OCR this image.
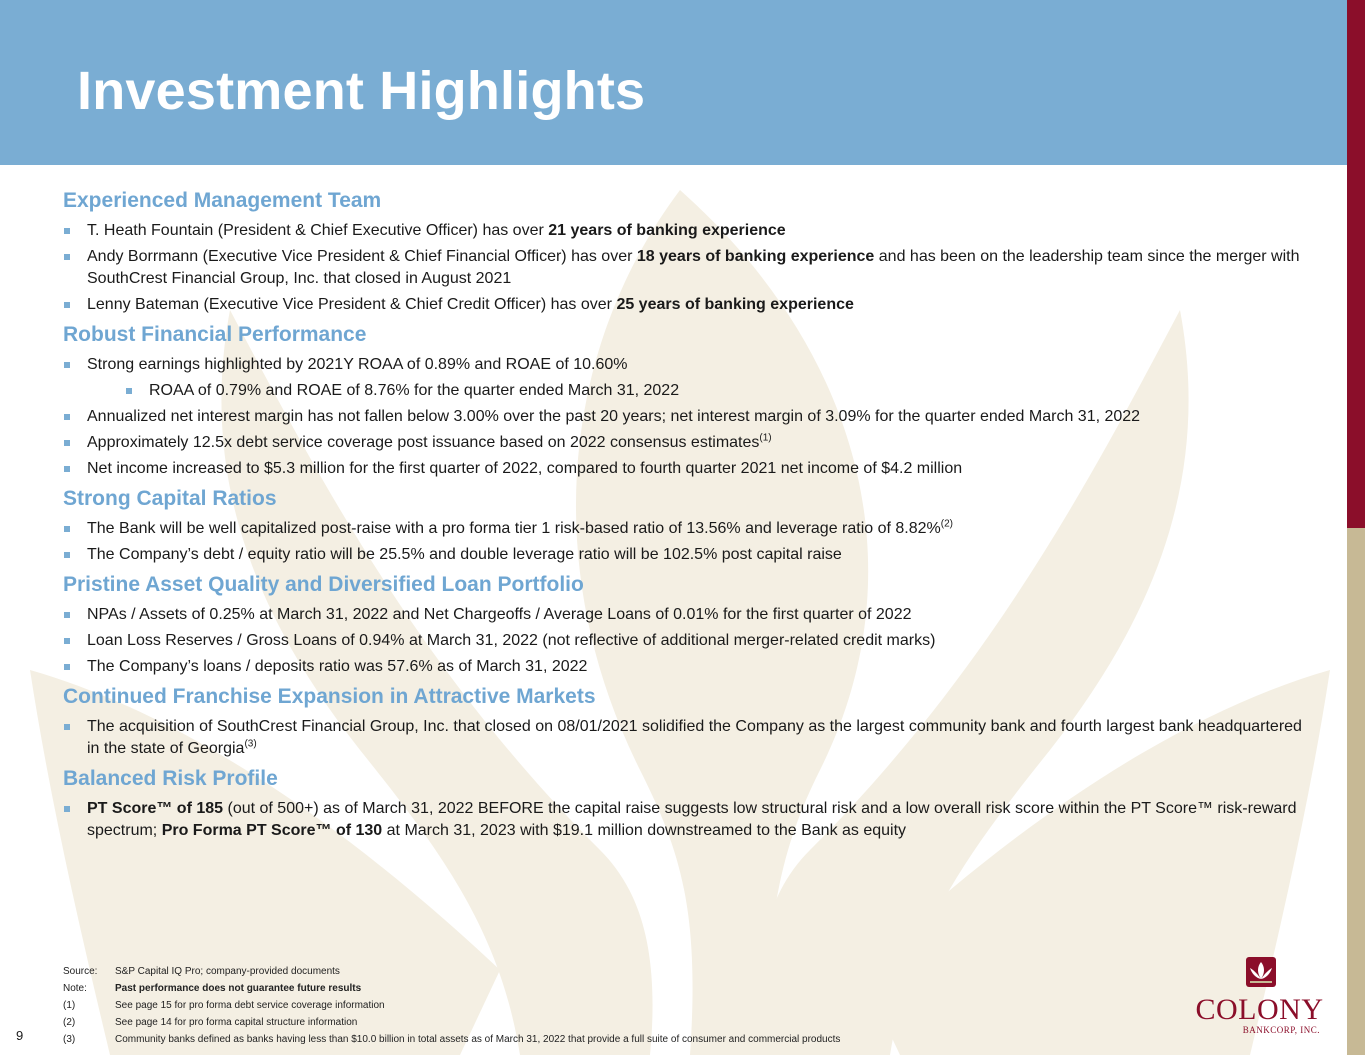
Investment Highlights
Experienced Management Team
T. Heath Fountain (President & Chief Executive Officer) has over 21 years of banking experience
Andy Borrmann (Executive Vice President & Chief Financial Officer) has over 18 years of banking experience and has been on the leadership team since the merger with SouthCrest Financial Group, Inc. that closed in August 2021
Lenny Bateman (Executive Vice President & Chief Credit Officer) has over 25 years of banking experience
Robust Financial Performance
Strong earnings highlighted by 2021Y ROAA of 0.89% and ROAE of 10.60%
ROAA of 0.79% and ROAE of 8.76% for the quarter ended March 31, 2022
Annualized net interest margin has not fallen below 3.00% over the past 20 years; net interest margin of 3.09% for the quarter ended March 31, 2022
Approximately 12.5x debt service coverage post issuance based on 2022 consensus estimates$^{(1)}$
Net income increased to $5.3 million for the first quarter of 2022, compared to fourth quarter 2021 net income of $4.2 million
Strong Capital Ratios
The Bank will be well capitalized post-raise with a pro forma tier 1 risk-based ratio of 13.56% and leverage ratio of 8.82%$^{(2)}$
The Company’s debt / equity ratio will be 25.5% and double leverage ratio will be 102.5% post capital raise
Pristine Asset Quality and Diversified Loan Portfolio
NPAs / Assets of 0.25% at March 31, 2022 and Net Chargeoffs / Average Loans of 0.01% for the first quarter of 2022
Loan Loss Reserves / Gross Loans of 0.94% at March 31, 2022 (not reflective of additional merger-related credit marks)
The Company’s loans / deposits ratio was 57.6% as of March 31, 2022
Continued Franchise Expansion in Attractive Markets
The acquisition of SouthCrest Financial Group, Inc. that closed on 08/01/2021 solidified the Company as the largest community bank and fourth largest bank headquartered in the state of Georgia$^{(3)}$
Balanced Risk Profile
PT Score™ of 185 (out of 500+) as of March 31, 2022 BEFORE the capital raise suggests low structural risk and a low overall risk score within the PT Score™ risk-reward spectrum; Pro Forma PT Score™ of 130 at March 31, 2023 with $19.1 million downstreamed to the Bank as equity
Source:	S&P Capital IQ Pro; company-provided documents
Note:	Past performance does not guarantee future results
(1)	See page 15 for pro forma debt service coverage information
(2)	See page 14 for pro forma capital structure information
(3)	Community banks defined as banks having less than $10.0 billion in total assets as of March 31, 2022 that provide a full suite of consumer and commercial products
9
COLONY
BANKCORP, INC.
